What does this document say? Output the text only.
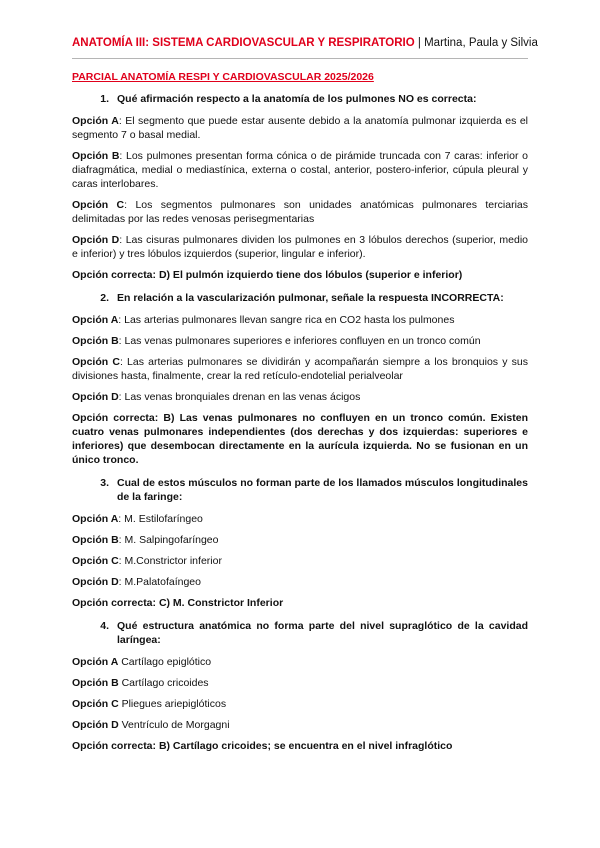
ANATOMÍA III: SISTEMA CARDIOVASCULAR Y RESPIRATORIO | Martina, Paula y Silvia
PARCIAL ANATOMÍA RESPI Y CARDIOVASCULAR 2025/2026
1. Qué afirmación respecto a la anatomía de los pulmones NO es correcta:

Opción A: El segmento que puede estar ausente debido a la anatomía pulmonar izquierda es el segmento 7 o basal medial.

Opción B: Los pulmones presentan forma cónica o de pirámide truncada con 7 caras: inferior o diafragmática, medial o mediastínica, externa o costal, anterior, postero-inferior, cúpula pleural y caras interlobares.

Opción C: Los segmentos pulmonares son unidades anatómicas pulmonares terciarias delimitadas por las redes venosas perisegmentarias

Opción D: Las cisuras pulmonares dividen los pulmones en 3 lóbulos derechos (superior, medio e inferior) y tres lóbulos izquierdos (superior, lingular e inferior).

Opción correcta: D) El pulmón izquierdo tiene dos lóbulos (superior e inferior)

2. En relación a la vascularización pulmonar, señale la respuesta INCORRECTA:

Opción A: Las arterias pulmonares llevan sangre rica en CO2 hasta los pulmones

Opción B: Las venas pulmonares superiores e inferiores confluyen en un tronco común

Opción C: Las arterias pulmonares se dividirán y acompañarán siempre a los bronquios y sus divisiones hasta, finalmente, crear la red retículo-endotelial perialveolar

Opción D: Las venas bronquiales drenan en las venas ácigos

Opción correcta: B) Las venas pulmonares no confluyen en un tronco común. Existen cuatro venas pulmonares independientes (dos derechas y dos izquierdas: superiores e inferiores) que desembocan directamente en la aurícula izquierda. No se fusionan en un único tronco.

3. Cual de estos músculos no forman parte de los llamados músculos longitudinales de la faringe:

Opción A: M. Estilofaríngeo

Opción B: M. Salpingofaríngeo

Opción C: M.Constrictor inferior

Opción D: M.Palatofaíngeo

Opción correcta: C) M. Constrictor Inferior

4. Qué estructura anatómica no forma parte del nivel supraglótico de la cavidad laríngea:

Opción A Cartílago epiglótico

Opción B Cartílago cricoides

Opción C Pliegues ariepiglóticos

Opción D Ventrículo de Morgagni

Opción correcta: B) Cartílago cricoides; se encuentra en el nivel infraglótico
